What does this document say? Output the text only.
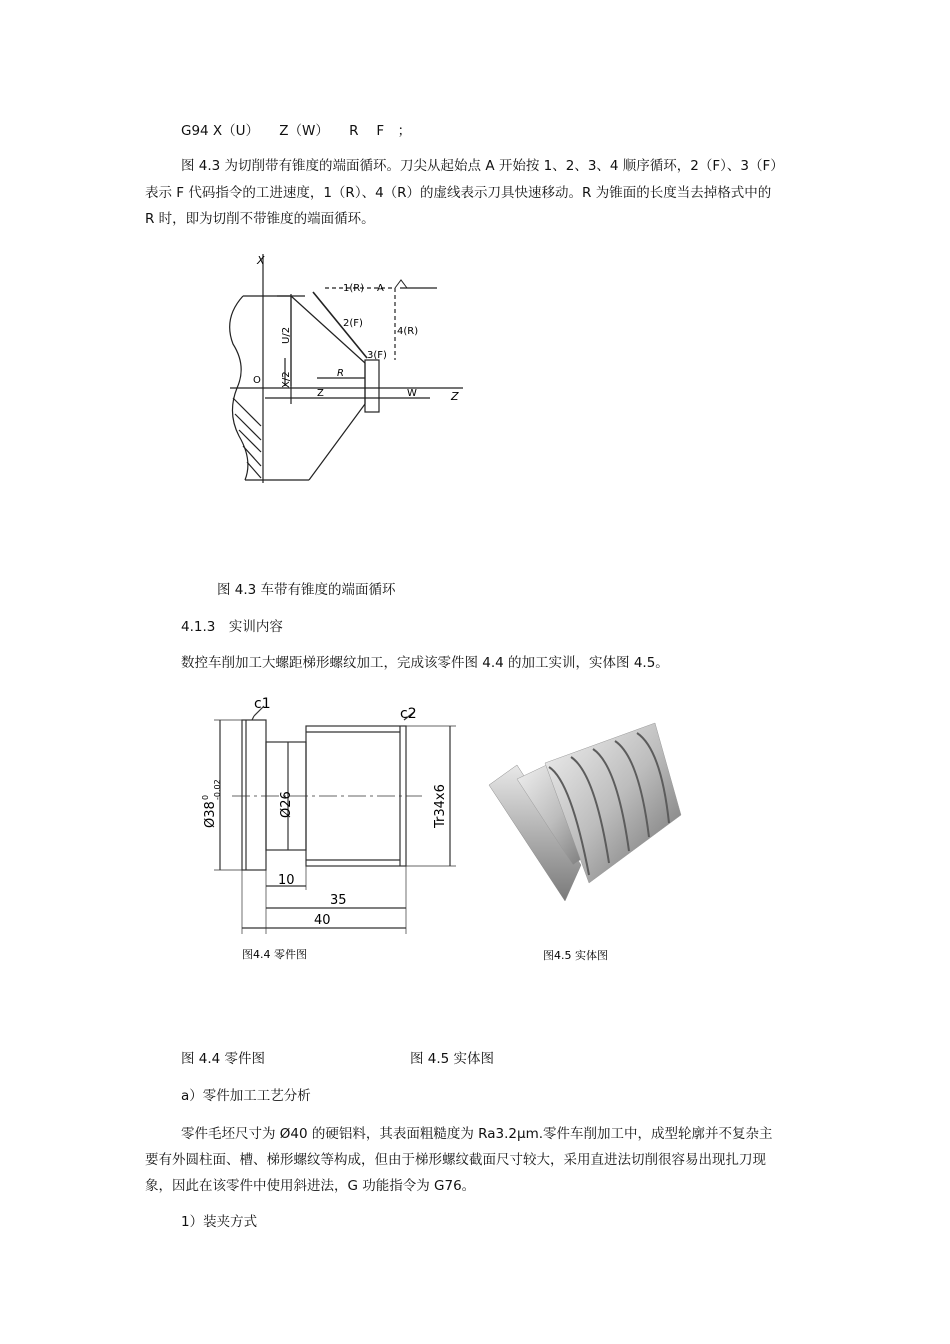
G94 X（U）　　Z（W）　　R　 F　；
图 4.3 为切削带有锥度的端面循环。刀尖从起始点 A 开始按 1、2、3、4 顺序循环，2（F）、3（F）
表示 F 代码指令的工进速度，1（R）、4（R）的虚线表示刀具快速移动。R 为锥面的长度当去掉格式中的
R 时，即为切削不带锥度的端面循环。
X
Z
O
1(R) A
2(F)
4(R)
3(F)
U/2
X/2	R
Z	W
图 4.3 车带有锥度的端面循环
4.1.3　实训内容
数控车削加工大螺距梯形螺纹加工，完成该零件图 4.4 的加工实训，实体图 4.5。
c1
c2
Ø38
0 -0.02
Ø26	Tr34x6
10
35
40
图4.4 零件图	图4.5 实体图
图 4.4 零件图	图 4.5 实体图
a）零件加工工艺分析
零件毛坯尺寸为 Ø40 的硬铝料，其表面粗糙度为 Ra3.2μm.零件车削加工中，成型轮廓并不复杂主
要有外圆柱面、槽、梯形螺纹等构成，但由于梯形螺纹截面尺寸较大，采用直进法切削很容易出现扎刀现
象，因此在该零件中使用斜进法，G 功能指令为 G76。
1）装夹方式
